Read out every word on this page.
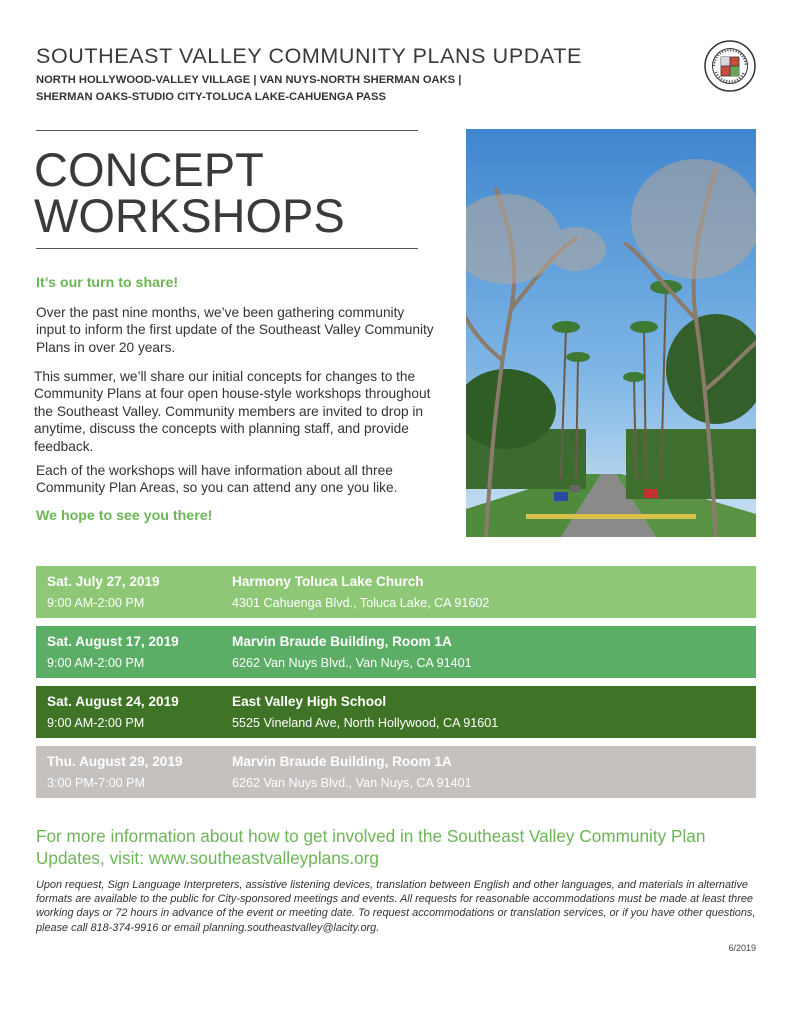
SOUTHEAST VALLEY COMMUNITY PLANS UPDATE
NORTH HOLLYWOOD-VALLEY VILLAGE | VAN NUYS-NORTH SHERMAN OAKS |
SHERMAN OAKS-STUDIO CITY-TOLUCA LAKE-CAHUENGA PASS
CONCEPT
WORKSHOPS
It’s our turn to share!
Over the past nine months, we’ve been gathering community input to inform the first update of the Southeast Valley Community Plans in over 20 years.
This summer, we’ll share our initial concepts for changes to the Community Plans at four open house-style workshops throughout the Southeast Valley. Community members are invited to drop in anytime, discuss the concepts with planning staff, and provide feedback.
Each of the workshops will have information about all three Community Plan Areas, so you can attend any one you like.
We hope to see you there!
Sat. July 27, 2019
9:00 AM-2:00 PM
Harmony Toluca Lake Church
4301 Cahuenga Blvd., Toluca Lake, CA 91602
Sat. August 17, 2019
9:00 AM-2:00 PM
Marvin Braude Building, Room 1A
6262 Van Nuys Blvd., Van Nuys, CA 91401
Sat. August 24, 2019
9:00 AM-2:00 PM
East Valley High School
5525 Vineland Ave, North Hollywood, CA 91601
Thu. August 29, 2019
3:00 PM-7:00 PM
Marvin Braude Building, Room 1A
6262 Van Nuys Blvd., Van Nuys, CA 91401
For more information about how to get involved in the Southeast Valley Community Plan Updates, visit: www.southeastvalleyplans.org
Upon request, Sign Language Interpreters, assistive listening devices, translation between English and other languages, and materials in alternative formats are available to the public for City-sponsored meetings and events. All requests for reasonable accommodations must be made at least three working days or 72 hours in advance of the event or meeting date. To request accommodations or translation services, or if you have other questions, please call 818-374-9916 or email planning.southeastvalley@lacity.org.
6/2019
